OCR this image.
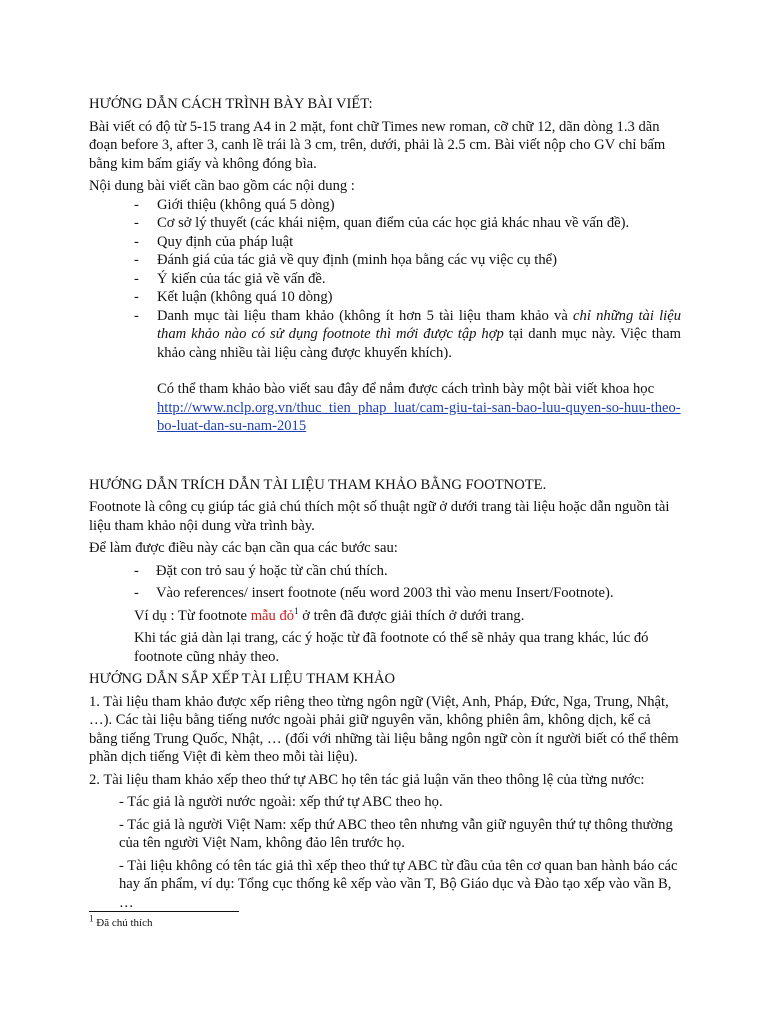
HƯỚNG DẪN CÁCH TRÌNH BÀY BÀI VIẾT:

Bài viết có độ từ 5-15 trang A4 in 2 mặt, font chữ Times new roman, cỡ chữ 12, dãn dòng 1.3 dãn đoạn before 3, after 3, canh lề trái là 3 cm, trên, dưới, phải là 2.5 cm. Bài viết nộp cho GV chỉ bấm bằng kim bấm giấy và không đóng bìa.

Nội dung bài viết cần bao gồm các nội dung :

- Giới thiệu (không quá 5 dòng)
- Cơ sở lý thuyết (các khái niệm, quan điểm của các học giả khác nhau về vấn đề).
- Quy định của pháp luật
- Đánh giá của tác giả về quy định (minh họa bằng các vụ việc cụ thể)
- Ý kiến của tác giả về vấn đề.
- Kết luận (không quá 10 dòng)
- Danh mục tài liệu tham khảo (không ít hơn 5 tài liệu tham khảo và chỉ những tài liệu tham khảo nào có sử dụng footnote thì mới được tập hợp tại danh mục này. Việc tham khảo càng nhiều tài liệu càng được khuyến khích).

Có thể tham khảo bào viết sau đây để nắm được cách trình bày một bài viết khoa học

http://www.nclp.org.vn/thuc_tien_phap_luat/cam-giu-tai-san-bao-luu-quyen-so-huu-theo-bo-luat-dan-su-nam-2015

HƯỚNG DẪN TRÍCH DẪN TÀI LIỆU THAM KHẢO BẰNG FOOTNOTE.

Footnote là công cụ giúp tác giả chú thích một số thuật ngữ ở dưới trang tài liệu hoặc dẫn nguồn tài liệu tham khảo nội dung vừa trình bày.

Để làm được điều này các bạn cần qua các bước sau:

- Đặt con trỏ sau ý hoặc từ cần chú thích.
- Vào references/ insert footnote (nếu word 2003 thì vào menu Insert/Footnote).

Ví dụ : Từ footnote mẫu đỏ$^1$ ở trên đã được giải thích ở dưới trang.

Khi tác giả dàn lại trang, các ý hoặc từ đã footnote có thể sẽ nhảy qua trang khác, lúc đó footnote cũng nhảy theo.

HƯỚNG DẪN SẮP XẾP TÀI LIỆU THAM KHẢO

1. Tài liệu tham khảo được xếp riêng theo từng ngôn ngữ (Việt, Anh, Pháp, Đức, Nga, Trung, Nhật, …). Các tài liệu bằng tiếng nước ngoài phải giữ nguyên văn, không phiên âm, không dịch, kể cả bằng tiếng Trung Quốc, Nhật, … (đối với những tài liệu bằng ngôn ngữ còn ít người biết có thể thêm phần dịch tiếng Việt đi kèm theo mỗi tài liệu).

2. Tài liệu tham khảo xếp theo thứ tự ABC họ tên tác giả luận văn theo thông lệ của từng nước:

- Tác giả là người nước ngoài: xếp thứ tự ABC theo họ.

- Tác giả là người Việt Nam: xếp thứ ABC theo tên nhưng vẫn giữ nguyên thứ tự thông thường của tên người Việt Nam, không đảo lên trước họ.

- Tài liệu không có tên tác giả thì xếp theo thứ tự ABC từ đầu của tên cơ quan ban hành báo các hay ấn phẩm, ví dụ: Tổng cục thống kê xếp vào vần T, Bộ Giáo dục và Đào tạo xếp vào vần B, …

$^1$ Đã chú thích
